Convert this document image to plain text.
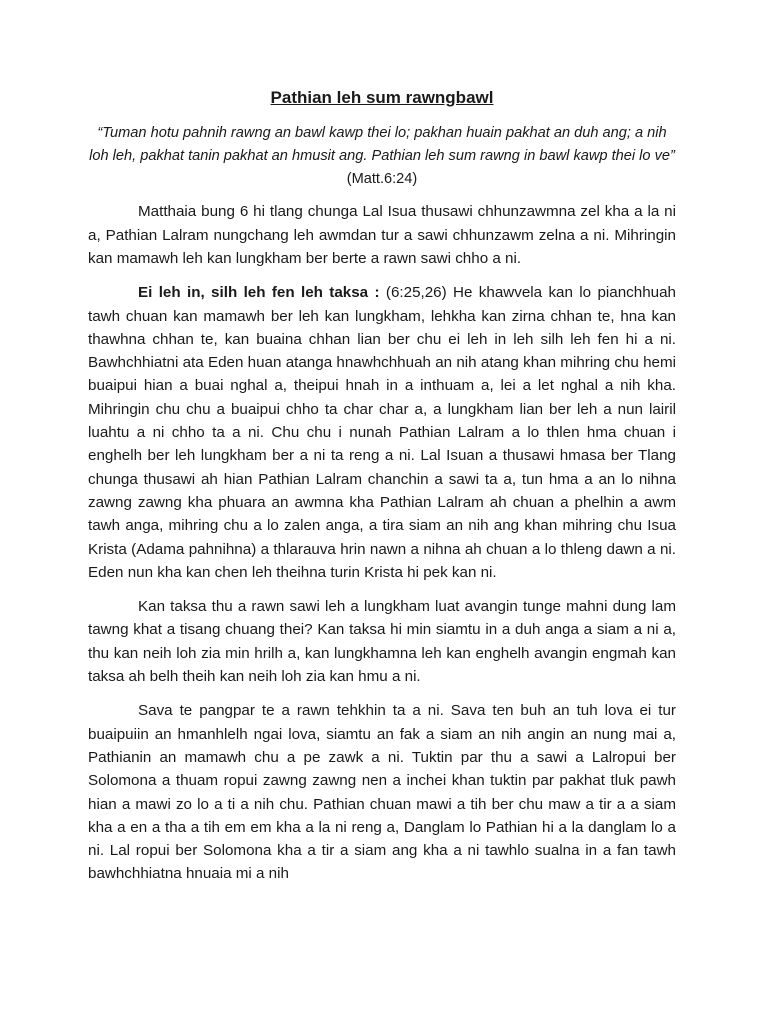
Pathian leh sum rawngbawl
“Tuman hotu pahnih rawng an bawl kawp thei lo; pakhan huain pakhat an duh ang; a nih loh leh, pakhat tanin pakhat an hmusit ang. Pathian leh sum rawng in bawl kawp thei lo ve” (Matt.6:24)

Matthaia bung 6 hi tlang chunga Lal Isua thusawi chhunzawmna zel kha a la ni a, Pathian Lalram nungchang leh awmdan tur a sawi chhunzawm zelna a ni. Mihringin kan mamawh leh kan lungkham ber berte a rawn sawi chho a ni.

Ei leh in, silh leh fen leh taksa : (6:25,26) He khawvela kan lo pianchhuah tawh chuan kan mamawh ber leh kan lungkham, lehkha kan zirna chhan te, hna kan thawhna chhan te, kan buaina chhan lian ber chu ei leh in leh silh leh fen hi a ni. Bawhchhiatni ata Eden huan atanga hnawhchhuah an nih atang khan mihring chu hemi buaipui hian a buai nghal a, theipui hnah in a inthuam a, lei a let nghal a nih kha. Mihringin chu chu a buaipui chho ta char char a, a lungkham lian ber leh a nun lairil luahtu a ni chho ta a ni. Chu chu i nunah Pathian Lalram a lo thlen hma chuan i enghelh ber leh lungkham ber a ni ta reng a ni. Lal Isuan a thusawi hmasa ber Tlang chunga thusawi ah hian Pathian Lalram chanchin a sawi ta a, tun hma a an lo nihna zawng zawng kha phuara an awmna kha Pathian Lalram ah chuan a phelhin a awm tawh anga, mihring chu a lo zalen anga, a tira siam an nih ang khan mihring chu Isua Krista (Adama pahnihna) a thlarauva hrin nawn a nihna ah chuan a lo thleng dawn a ni. Eden nun kha kan chen leh theihna turin Krista hi pek kan ni.

Kan taksa thu a rawn sawi leh a lungkham luat avangin tunge mahni dung lam tawng khat a tisang chuang thei? Kan taksa hi min siamtu in a duh anga a siam a ni a, thu kan neih loh zia min hrilh a, kan lungkhamna leh kan enghelh avangin engmah kan taksa ah belh theih kan neih loh zia kan hmu a ni.

Sava te pangpar te a rawn tehkhin ta a ni. Sava ten buh an tuh lova ei tur buaipuiin an hmanhlelh ngai lova, siamtu an fak a siam an nih angin an nung mai a, Pathianin an mamawh chu a pe zawk a ni. Tuktin par thu a sawi a Lalropui ber Solomona a thuam ropui zawng zawng nen a inchei khan tuktin par pakhat tluk pawh hian a mawi zo lo a ti a nih chu. Pathian chuan mawi a tih ber chu maw a tir a a siam kha a en a tha a tih em em kha a la ni reng a, Danglam lo Pathian hi a la danglam lo a ni. Lal ropui ber Solomona kha a tir a siam ang kha a ni tawhlo sualna in a fan tawh bawhchhiatna hnuaia mi a nih
